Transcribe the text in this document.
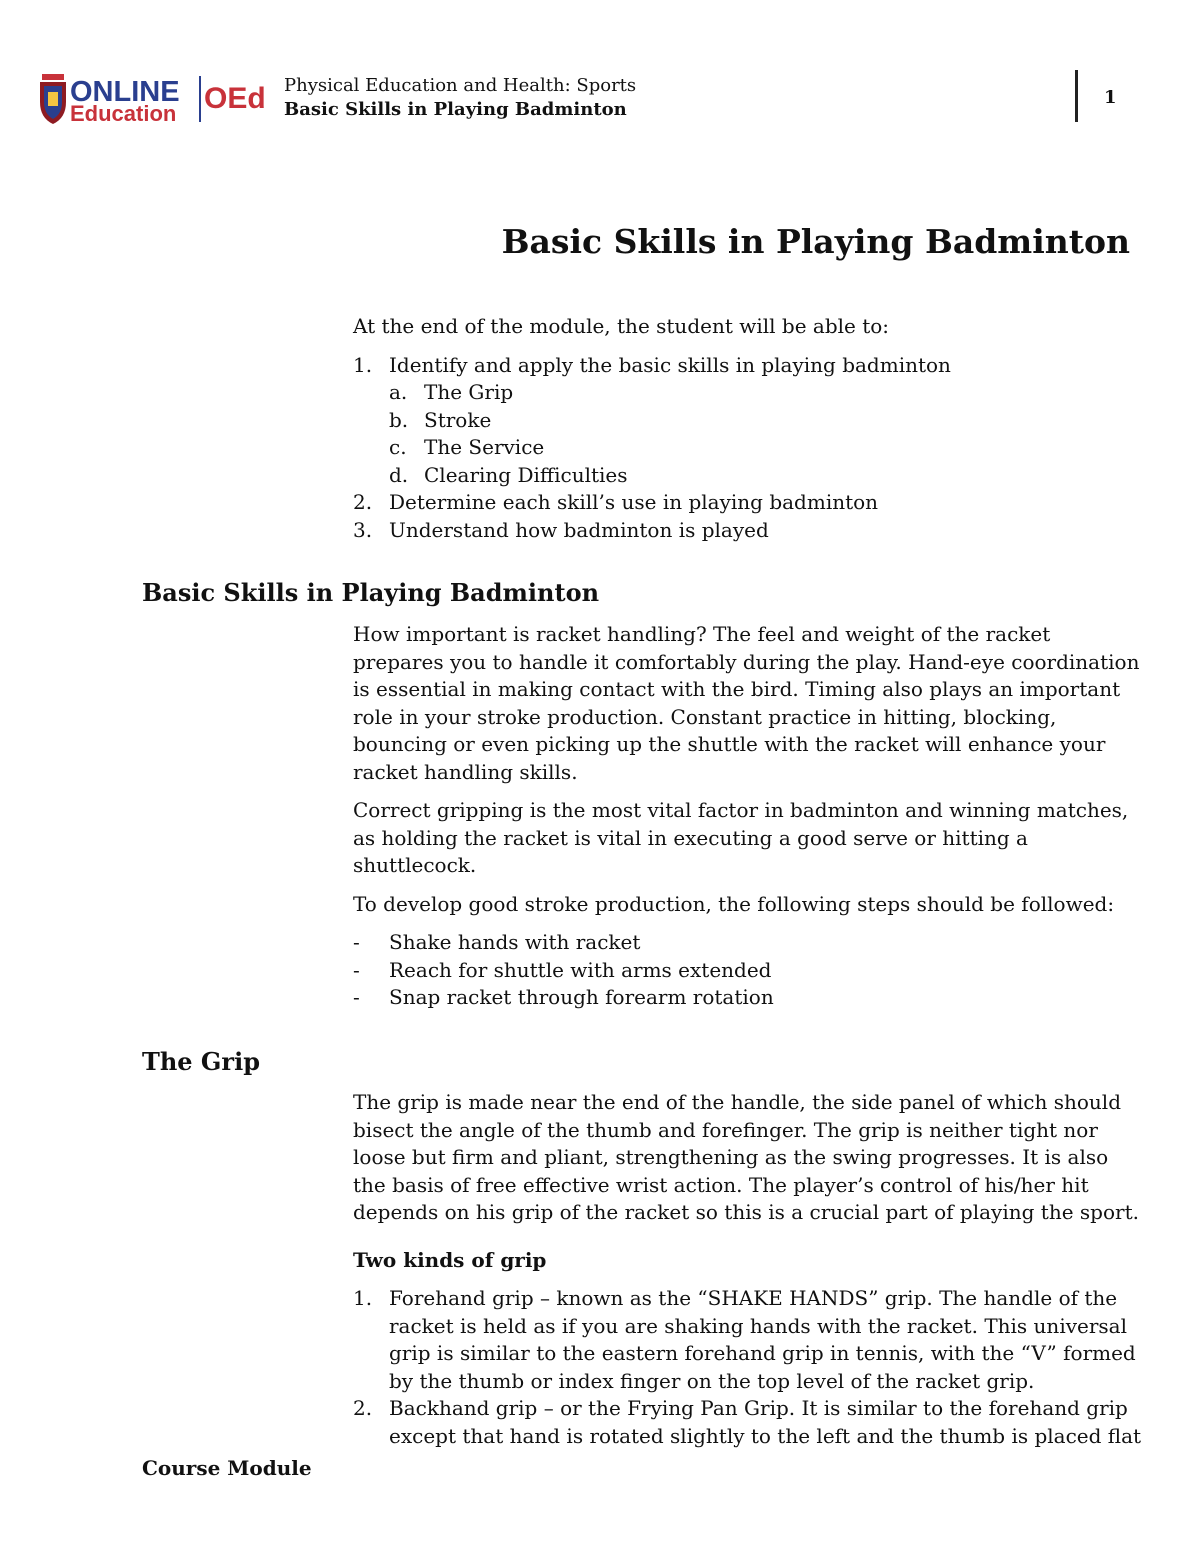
ONLINE
Education OEd Physical Education and Health: Sports
Basic Skills in Playing Badminton
1
Basic Skills in Playing Badminton

At the end of the module, the student will be able to:

1. Identify and apply the basic skills in playing badminton
a. The Grip
b. Stroke
c. The Service
d. Clearing Difficulties
2. Determine each skill’s use in playing badminton
3. Understand how badminton is played
Basic Skills in Playing Badminton

How important is racket handling? The feel and weight of the racket prepares you to handle it comfortably during the play. Hand-eye coordination is essential in making contact with the bird. Timing also plays an important role in your stroke production. Constant practice in hitting, blocking, bouncing or even picking up the shuttle with the racket will enhance your racket handling skills.

Correct gripping is the most vital factor in badminton and winning matches, as holding the racket is vital in executing a good serve or hitting a shuttlecock.

To develop good stroke production, the following steps should be followed:

- Shake hands with racket
- Reach for shuttle with arms extended
- Snap racket through forearm rotation
The Grip

The grip is made near the end of the handle, the side panel of which should bisect the angle of the thumb and forefinger. The grip is neither tight nor loose but firm and pliant, strengthening as the swing progresses. It is also the basis of free effective wrist action. The player’s control of his/her hit depends on his grip of the racket so this is a crucial part of playing the sport.

Two kinds of grip

1. Forehand grip – known as the “SHAKE HANDS” grip. The handle of the racket is held as if you are shaking hands with the racket. This universal grip is similar to the eastern forehand grip in tennis, with the “V” formed by the thumb or index finger on the top level of the racket grip.
2. Backhand grip – or the Frying Pan Grip. It is similar to the forehand grip except that hand is rotated slightly to the left and the thumb is placed flat
Course Module
